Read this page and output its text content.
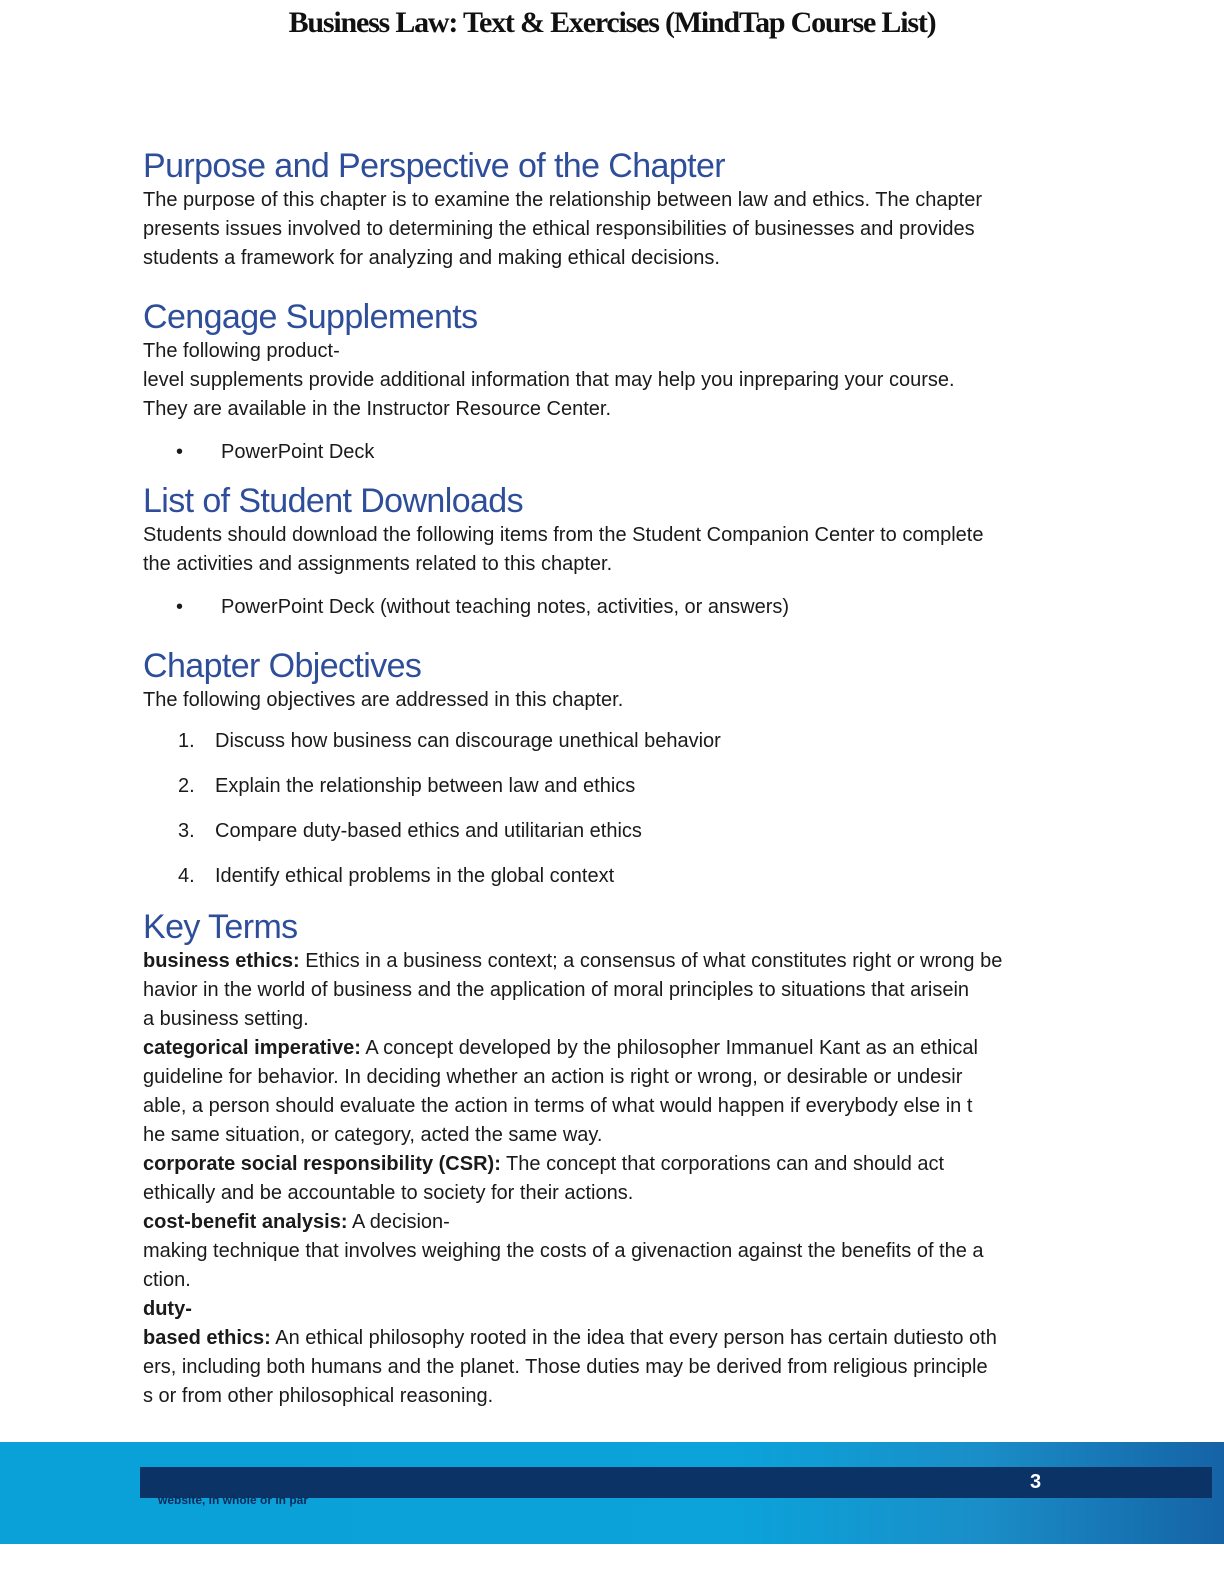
Business Law: Text & Exercises (MindTap Course List)
Purpose and Perspective of the Chapter

The purpose of this chapter is to examine the relationship between law and ethics. The chapter

presents issues involved to determining the ethical responsibilities of businesses and provides

students a framework for analyzing and making ethical decisions.

Cengage Supplements

The following product-

level supplements provide additional information that may help you inpreparing your course.

They are available in the Instructor Resource Center.

• PowerPoint Deck
List of Student Downloads

Students should download the following items from the Student Companion Center to complete

the activities and assignments related to this chapter.

• PowerPoint Deck (without teaching notes, activities, or answers)
Chapter Objectives

The following objectives are addressed in this chapter.

1. Discuss how business can discourage unethical behavior
2. Explain the relationship between law and ethics
3. Compare duty-based ethics and utilitarian ethics
4. Identify ethical problems in the global context
Key Terms
business ethics: Ethics in a business context; a consensus of what constitutes right or wrong be
havior in the world of business and the application of moral principles to situations that arisein
a business setting.
categorical imperative: A concept developed by the philosopher Immanuel Kant as an ethical
guideline for behavior. In deciding whether an action is right or wrong, or desirable or undesir
able, a person should evaluate the action in terms of what would happen if everybody else in t
he same situation, or category, acted the same way.
corporate social responsibility (CSR): The concept that corporations can and should act
ethically and be accountable to society for their actions.
cost-benefit analysis: A decision-
making technique that involves weighing the costs of a givenaction against the benefits of the a
ction.
duty-
based ethics: An ethical philosophy rooted in the idea that every person has certain dutiesto oth
ers, including both humans and the planet. Those duties may be derived from religious principle
s or from other philosophical reasoning.
3
website, in whole or in par
